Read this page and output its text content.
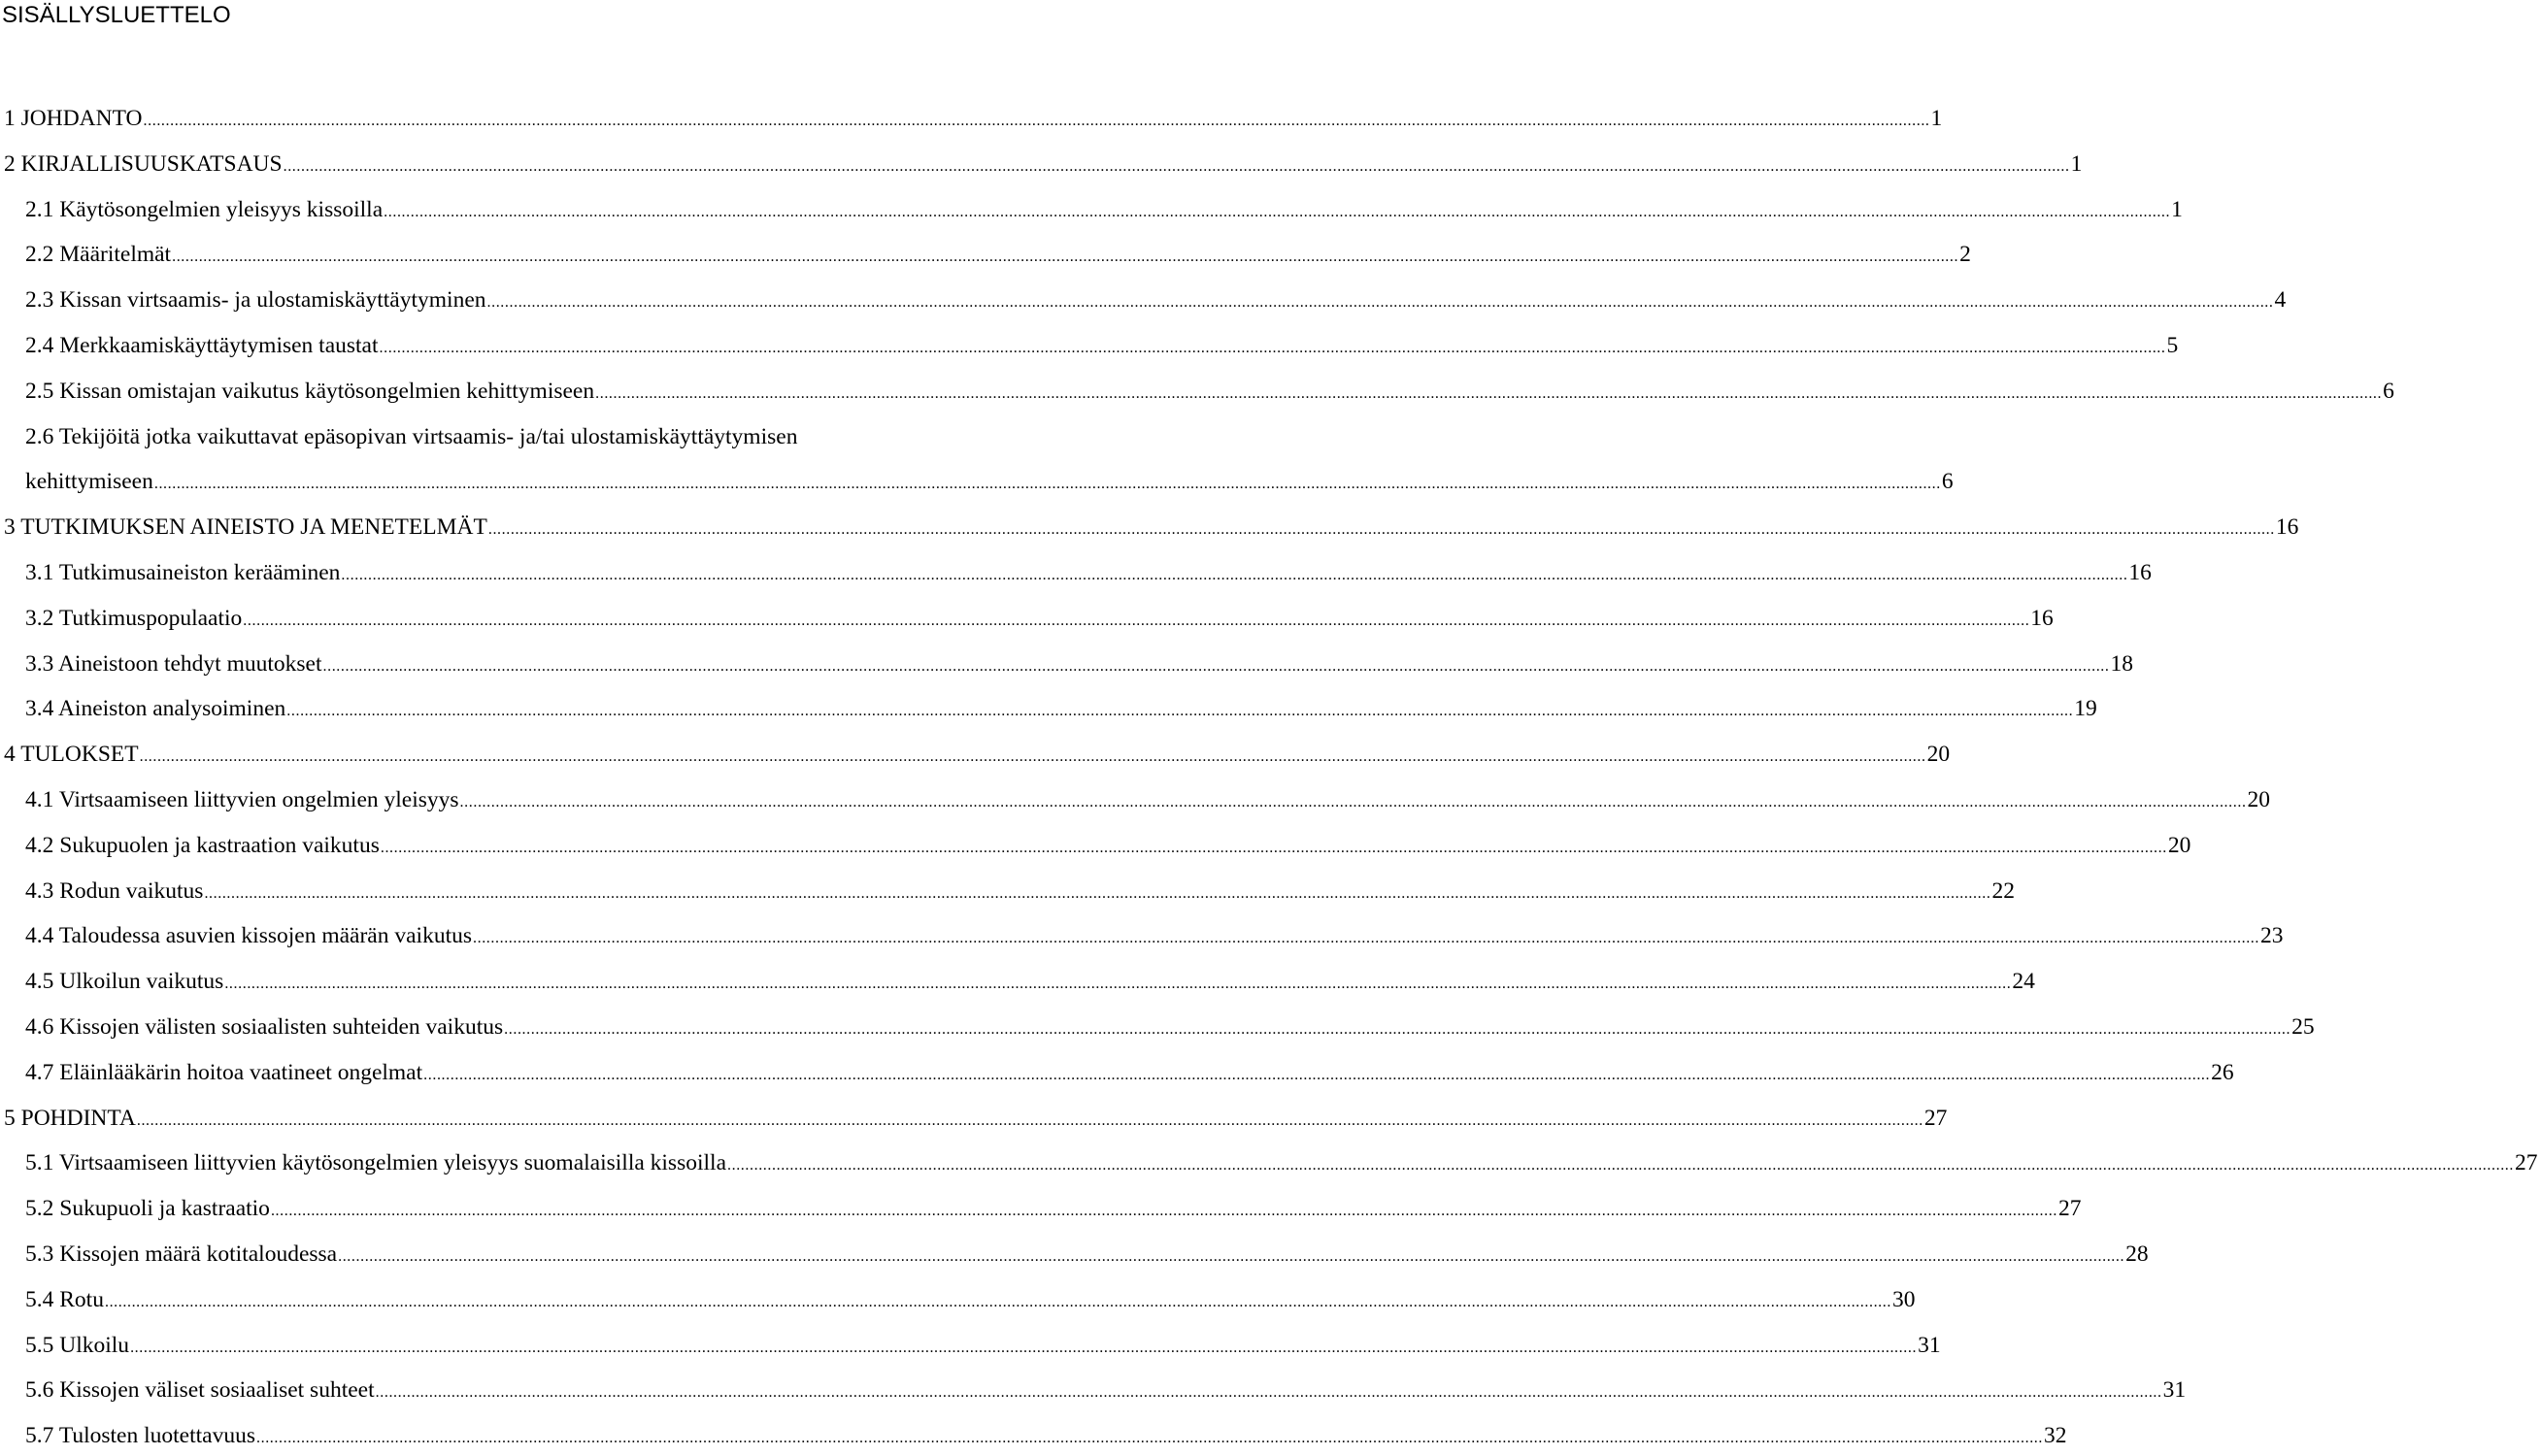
SISÄLLYSLUETTELO
1 JOHDANTO ................................................................................................................................................................................................................................................................................................................................................................................................................ 1
2 KIRJALLISUUSKATSAUS ................................................................................................................................................................................................................................................................................................................................................................................................................ 1
2.1 Käytösongelmien yleisyys kissoilla ................................................................................................................................................................................................................................................................................................................................................................................................................ 1
2.2 Määritelmät ................................................................................................................................................................................................................................................................................................................................................................................................................ 2
2.3 Kissan virtsaamis- ja ulostamiskäyttäytyminen ................................................................................................................................................................................................................................................................................................................................................................................................................ 4
2.4 Merkkaamiskäyttäytymisen taustat ................................................................................................................................................................................................................................................................................................................................................................................................................ 5
2.5 Kissan omistajan vaikutus käytösongelmien kehittymiseen ................................................................................................................................................................................................................................................................................................................................................................................................................ 6
2.6 Tekijöitä jotka vaikuttavat epäsopivan virtsaamis- ja/tai ulostamiskäyttäytymisen
kehittymiseen ................................................................................................................................................................................................................................................................................................................................................................................................................ 6
3 TUTKIMUKSEN AINEISTO JA MENETELMÄT ................................................................................................................................................................................................................................................................................................................................................................................................................ 16
3.1 Tutkimusaineiston kerääminen ................................................................................................................................................................................................................................................................................................................................................................................................................ 16
3.2 Tutkimuspopulaatio ................................................................................................................................................................................................................................................................................................................................................................................................................ 16
3.3 Aineistoon tehdyt muutokset ................................................................................................................................................................................................................................................................................................................................................................................................................ 18
3.4 Aineiston analysoiminen ................................................................................................................................................................................................................................................................................................................................................................................................................ 19
4 TULOKSET ................................................................................................................................................................................................................................................................................................................................................................................................................ 20
4.1 Virtsaamiseen liittyvien ongelmien yleisyys ................................................................................................................................................................................................................................................................................................................................................................................................................ 20
4.2 Sukupuolen ja kastraation vaikutus ................................................................................................................................................................................................................................................................................................................................................................................................................ 20
4.3 Rodun vaikutus ................................................................................................................................................................................................................................................................................................................................................................................................................ 22
4.4 Taloudessa asuvien kissojen määrän vaikutus ................................................................................................................................................................................................................................................................................................................................................................................................................ 23
4.5 Ulkoilun vaikutus ................................................................................................................................................................................................................................................................................................................................................................................................................ 24
4.6 Kissojen välisten sosiaalisten suhteiden vaikutus ................................................................................................................................................................................................................................................................................................................................................................................................................ 25
4.7 Eläinlääkärin hoitoa vaatineet ongelmat ................................................................................................................................................................................................................................................................................................................................................................................................................ 26
5 POHDINTA ................................................................................................................................................................................................................................................................................................................................................................................................................ 27
5.1 Virtsaamiseen liittyvien käytösongelmien yleisyys suomalaisilla kissoilla ................................................................................................................................................................................................................................................................................................................................................................................................................ 27
5.2 Sukupuoli ja kastraatio ................................................................................................................................................................................................................................................................................................................................................................................................................ 27
5.3 Kissojen määrä kotitaloudessa ................................................................................................................................................................................................................................................................................................................................................................................................................ 28
5.4 Rotu ................................................................................................................................................................................................................................................................................................................................................................................................................ 30
5.5 Ulkoilu ................................................................................................................................................................................................................................................................................................................................................................................................................ 31
5.6 Kissojen väliset sosiaaliset suhteet ................................................................................................................................................................................................................................................................................................................................................................................................................ 31
5.7 Tulosten luotettavuus ................................................................................................................................................................................................................................................................................................................................................................................................................ 32
